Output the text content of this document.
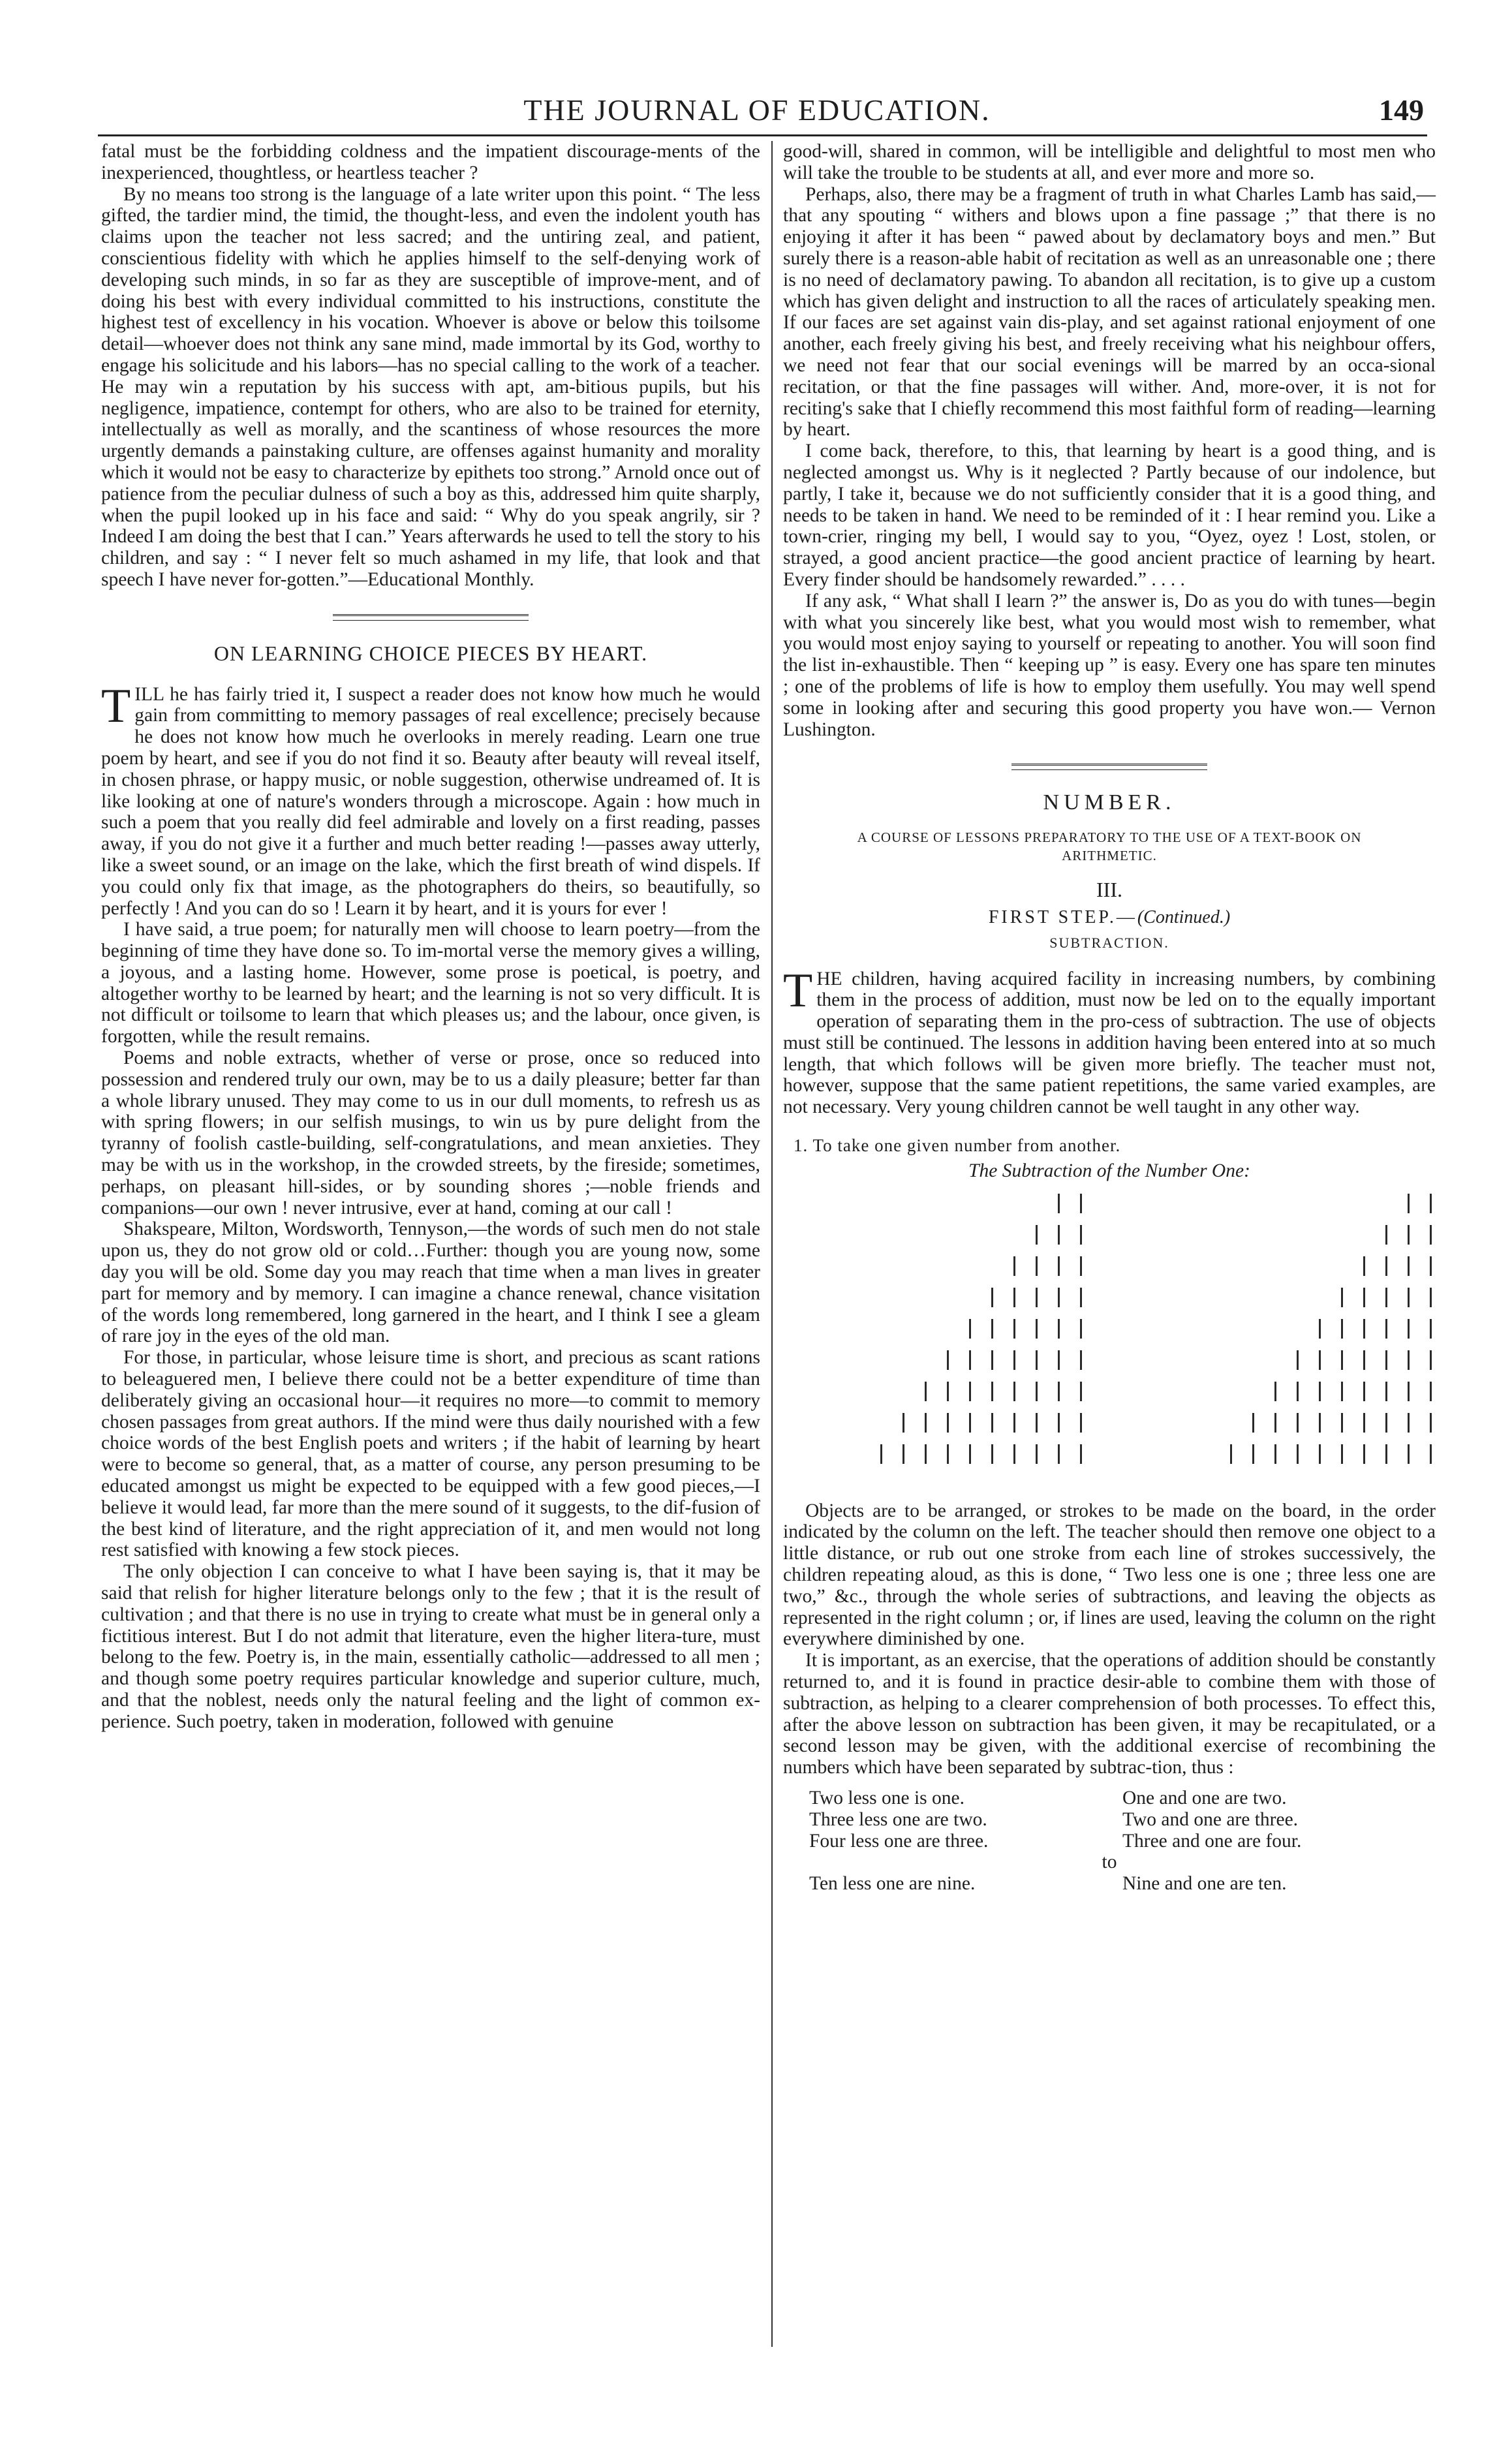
THE JOURNAL OF EDUCATION.	149

fatal must be the forbidding coldness and the impatient discourage-ments of the inexperienced, thoughtless, or heartless teacher ?

By no means too strong is the language of a late writer upon this point. “ The less gifted, the tardier mind, the timid, the thought-less, and even the indolent youth has claims upon the teacher not less sacred; and the untiring zeal, and patient, conscientious fidelity with which he applies himself to the self-denying work of developing such minds, in so far as they are susceptible of improve-ment, and of doing his best with every individual committed to his instructions, constitute the highest test of excellency in his vocation. Whoever is above or below this toilsome detail—whoever does not think any sane mind, made immortal by its God, worthy to engage his solicitude and his labors—has no special calling to the work of a teacher. He may win a reputation by his success with apt, am-bitious pupils, but his negligence, impatience, contempt for others, who are also to be trained for eternity, intellectually as well as morally, and the scantiness of whose resources the more urgently demands a painstaking culture, are offenses against humanity and morality which it would not be easy to characterize by epithets too strong.” Arnold once out of patience from the peculiar dulness of such a boy as this, addressed him quite sharply, when the pupil looked up in his face and said: “ Why do you speak angrily, sir ? Indeed I am doing the best that I can.” Years afterwards he used to tell the story to his children, and say : “ I never felt so much ashamed in my life, that look and that speech I have never for-gotten.”—Educational Monthly.

ON LEARNING CHOICE PIECES BY HEART.

TILL he has fairly tried it, I suspect a reader does not know how much he would gain from committing to memory passages of real excellence; precisely because he does not know how much he overlooks in merely reading. Learn one true poem by heart, and see if you do not find it so. Beauty after beauty will reveal itself, in chosen phrase, or happy music, or noble suggestion, otherwise undreamed of. It is like looking at one of nature's wonders through a microscope. Again : how much in such a poem that you really did feel admirable and lovely on a first reading, passes away, if you do not give it a further and much better reading !—passes away utterly, like a sweet sound, or an image on the lake, which the first breath of wind dispels. If you could only fix that image, as the photographers do theirs, so beautifully, so perfectly ! And you can do so ! Learn it by heart, and it is yours for ever !

I have said, a true poem; for naturally men will choose to learn poetry—from the beginning of time they have done so. To im-mortal verse the memory gives a willing, a joyous, and a lasting home. However, some prose is poetical, is poetry, and altogether worthy to be learned by heart; and the learning is not so very difficult. It is not difficult or toilsome to learn that which pleases us; and the labour, once given, is forgotten, while the result remains.

Poems and noble extracts, whether of verse or prose, once so reduced into possession and rendered truly our own, may be to us a daily pleasure; better far than a whole library unused. They may come to us in our dull moments, to refresh us as with spring flowers; in our selfish musings, to win us by pure delight from the tyranny of foolish castle-building, self-congratulations, and mean anxieties. They may be with us in the workshop, in the crowded streets, by the fireside; sometimes, perhaps, on pleasant hill-sides, or by sounding shores ;—noble friends and companions—our own ! never intrusive, ever at hand, coming at our call !

Shakspeare, Milton, Wordsworth, Tennyson,—the words of such men do not stale upon us, they do not grow old or cold…Further: though you are young now, some day you will be old. Some day you may reach that time when a man lives in greater part for memory and by memory. I can imagine a chance renewal, chance visitation of the words long remembered, long garnered in the heart, and I think I see a gleam of rare joy in the eyes of the old man.

For those, in particular, whose leisure time is short, and precious as scant rations to beleaguered men, I believe there could not be a better expenditure of time than deliberately giving an occasional hour—it requires no more—to commit to memory chosen passages from great authors. If the mind were thus daily nourished with a few choice words of the best English poets and writers ; if the habit of learning by heart were to become so general, that, as a matter of course, any person presuming to be educated amongst us might be expected to be equipped with a few good pieces,—I believe it would lead, far more than the mere sound of it suggests, to the dif-fusion of the best kind of literature, and the right appreciation of it, and men would not long rest satisfied with knowing a few stock pieces.

The only objection I can conceive to what I have been saying is, that it may be said that relish for higher literature belongs only to the few ; that it is the result of cultivation ; and that there is no use in trying to create what must be in general only a fictitious interest. But I do not admit that literature, even the higher litera-ture, must belong to the few. Poetry is, in the main, essentially catholic—addressed to all men ; and though some poetry requires particular knowledge and superior culture, much, and that the noblest, needs only the natural feeling and the light of common ex-perience. Such poetry, taken in moderation, followed with genuine

good-will, shared in common, will be intelligible and delightful to most men who will take the trouble to be students at all, and ever more and more so.

Perhaps, also, there may be a fragment of truth in what Charles Lamb has said,—that any spouting “ withers and blows upon a fine passage ;” that there is no enjoying it after it has been “ pawed about by declamatory boys and men.” But surely there is a reason-able habit of recitation as well as an unreasonable one ; there is no need of declamatory pawing. To abandon all recitation, is to give up a custom which has given delight and instruction to all the races of articulately speaking men. If our faces are set against vain dis-play, and set against rational enjoyment of one another, each freely giving his best, and freely receiving what his neighbour offers, we need not fear that our social evenings will be marred by an occa-sional recitation, or that the fine passages will wither. And, more-over, it is not for reciting's sake that I chiefly recommend this most faithful form of reading—learning by heart.

I come back, therefore, to this, that learning by heart is a good thing, and is neglected amongst us. Why is it neglected ? Partly because of our indolence, but partly, I take it, because we do not sufficiently consider that it is a good thing, and needs to be taken in hand. We need to be reminded of it : I hear remind you. Like a town-crier, ringing my bell, I would say to you, “Oyez, oyez ! Lost, stolen, or strayed, a good ancient practice—the good ancient practice of learning by heart. Every finder should be handsomely rewarded.” . . . .

If any ask, “ What shall I learn ?” the answer is, Do as you do with tunes—begin with what you sincerely like best, what you would most wish to remember, what you would most enjoy saying to yourself or repeating to another. You will soon find the list in-exhaustible. Then “ keeping up ” is easy. Every one has spare ten minutes ; one of the problems of life is how to employ them usefully. You may well spend some in looking after and securing this good property you have won.— Vernon Lushington.

NUMBER.
A COURSE OF LESSONS PREPARATORY TO THE USE OF A TEXT-BOOK ON ARITHMETIC.
III.
FIRST STEP.—(Continued.)
SUBTRACTION.

THE children, having acquired facility in increasing numbers, by combining them in the process of addition, must now be led on to the equally important operation of separating them in the pro-cess of subtraction. The use of objects must still be continued. The lessons in addition having been entered into at so much length, that which follows will be given more briefly. The teacher must not, however, suppose that the same patient repetitions, the same varied examples, are not necessary. Very young children cannot be well taught in any other way.

1. To take one given number from another.

The Subtraction of the Number One:

Objects are to be arranged, or strokes to be made on the board, in the order indicated by the column on the left. The teacher should then remove one object to a little distance, or rub out one stroke from each line of strokes successively, the children repeating aloud, as this is done, “ Two less one is one ; three less one are two,” &c., through the whole series of subtractions, and leaving the objects as represented in the right column ; or, if lines are used, leaving the column on the right everywhere diminished by one.

It is important, as an exercise, that the operations of addition should be constantly returned to, and it is found in practice desir-able to combine them with those of subtraction, as helping to a clearer comprehension of both processes. To effect this, after the above lesson on subtraction has been given, it may be recapitulated, or a second lesson may be given, with the additional exercise of recombining the numbers which have been separated by subtrac-tion, thus :

Two less one is one.	One and one are two.
Three less one are two.	Two and one are three.
Four less one are three.	Three and one are four.

to

Ten less one are nine.	Nine and one are ten.
